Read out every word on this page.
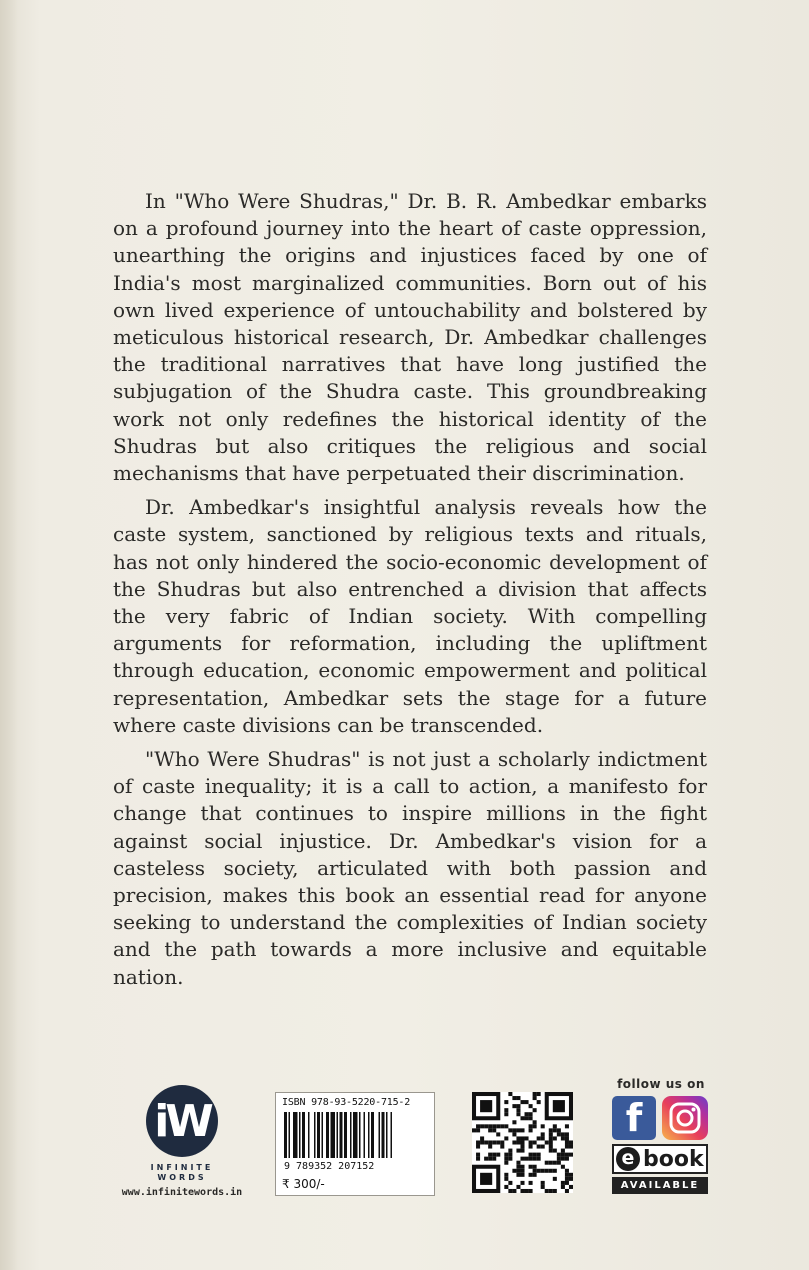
In "Who Were Shudras," Dr. B. R. Ambedkar embarks on a profound journey into the heart of caste oppression, unearthing the origins and injustices faced by one of India's most marginalized communities. Born out of his own lived experience of untouchability and bolstered by meticulous historical research, Dr. Ambedkar challenges the traditional narratives that have long justified the subjugation of the Shudra caste. This groundbreaking work not only redefines the historical identity of the Shudras but also critiques the religious and social mechanisms that have perpetuated their discrimination.

Dr. Ambedkar's insightful analysis reveals how the caste system, sanctioned by religious texts and rituals, has not only hindered the socio-economic development of the Shudras but also entrenched a division that affects the very fabric of Indian society. With compelling arguments for reformation, including the upliftment through education, economic empowerment and political representation, Ambedkar sets the stage for a future where caste divisions can be transcended.

"Who Were Shudras" is not just a scholarly indictment of caste inequality; it is a call to action, a manifesto for change that continues to inspire millions in the fight against social injustice. Dr. Ambedkar's vision for a casteless society, articulated with both passion and precision, makes this book an essential read for anyone seeking to understand the complexities of Indian society and the path towards a more inclusive and equitable nation.

iW
INFINITE
WORDS
www.infinitewords.in
ISBN 978-93-5220-715-2
9 789352 207152
₹ 300/-
follow us on
f
e book
AVAILABLE
